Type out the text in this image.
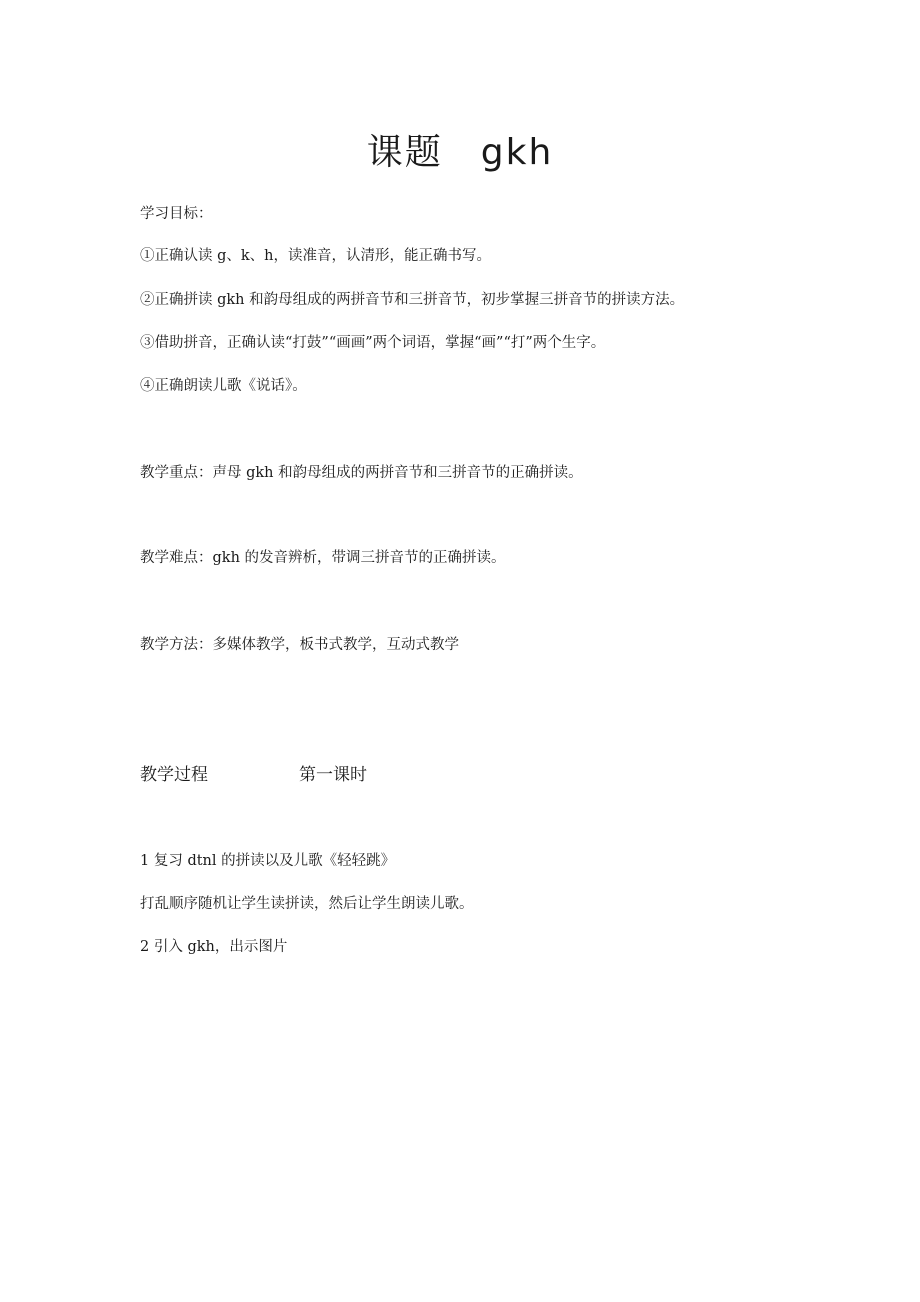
课题 gkh

学习目标：

①正确认读 g、k、h，读准音，认清形，能正确书写。

②正确拼读 gkh 和韵母组成的两拼音节和三拼音节，初步掌握三拼音节的拼读方法。

③借助拼音，正确认读“打鼓”“画画”两个词语，掌握“画”“打”两个生字。

④正确朗读儿歌《说话》。

教学重点：声母 gkh 和韵母组成的两拼音节和三拼音节的正确拼读。

教学难点：gkh 的发音辨析，带调三拼音节的正确拼读。

教学方法：多媒体教学，板书式教学，互动式教学

教学过程	第一课时

1 复习 dtnl 的拼读以及儿歌《轻轻跳》

打乱顺序随机让学生读拼读，然后让学生朗读儿歌。

2 引入 gkh，出示图片
